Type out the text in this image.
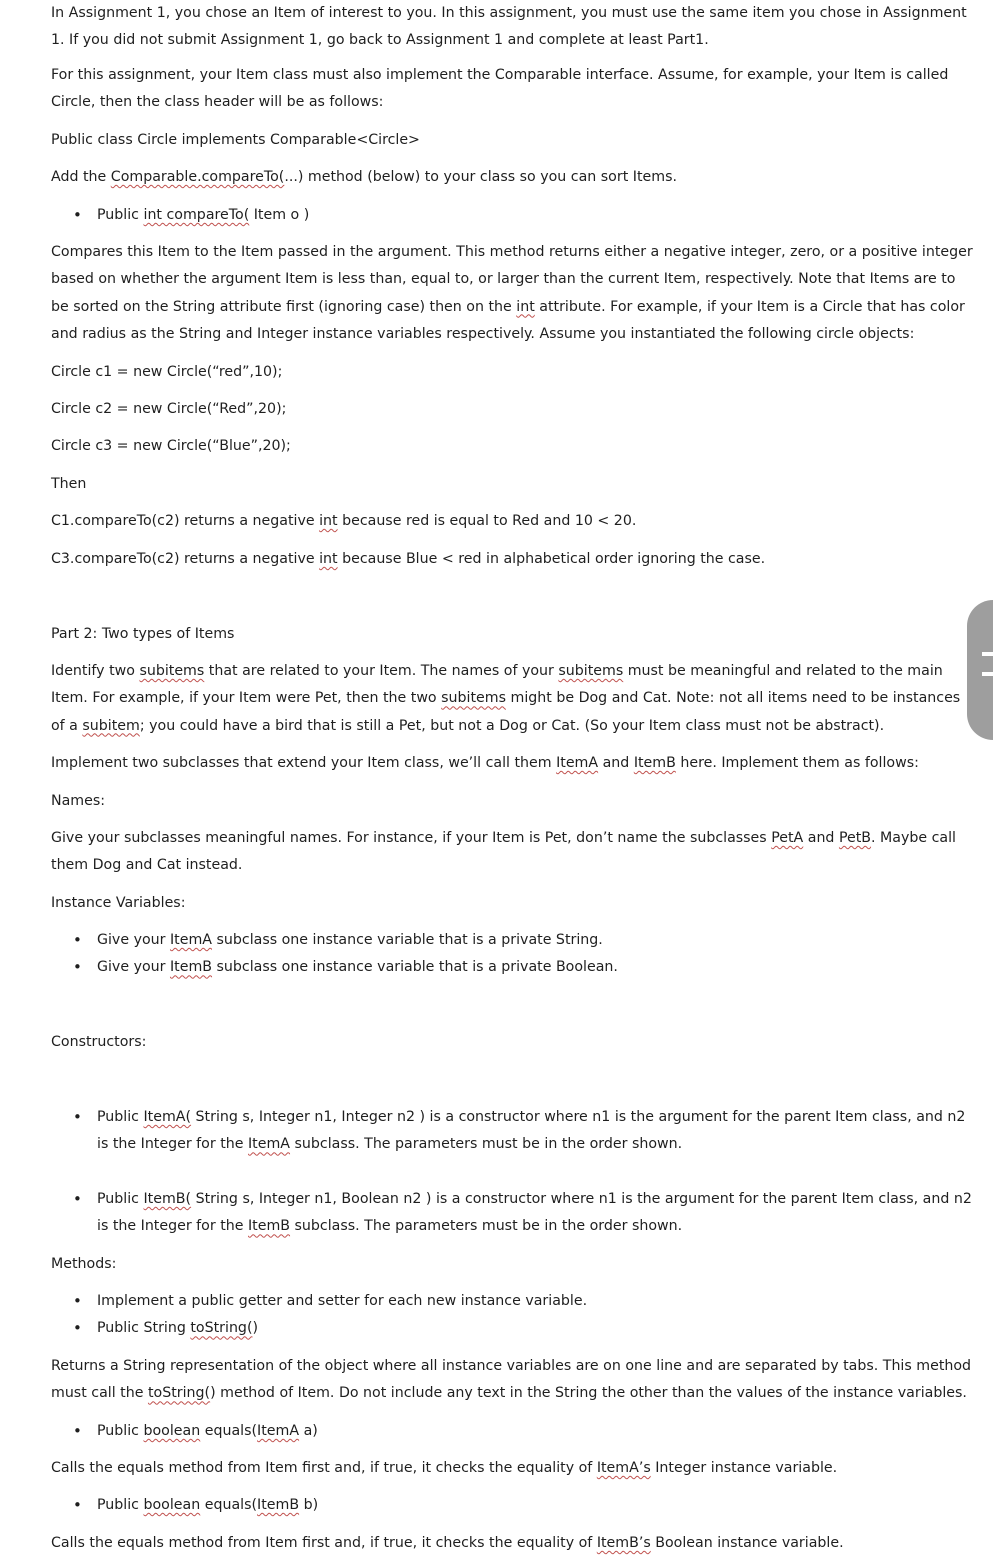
In Assignment 1, you chose an Item of interest to you. In this assignment, you must use the same item you chose in Assignment 1. If you did not submit Assignment 1, go back to Assignment 1 and complete at least Part1.

For this assignment, your Item class must also implement the Comparable interface. Assume, for example, your Item is called Circle, then the class header will be as follows:

Public class Circle implements Comparable<Circle>

Add the Comparable.compareTo(...) method (below) to your class so you can sort Items.

• Public int compareTo( Item o )

Compares this Item to the Item passed in the argument. This method returns either a negative integer, zero, or a positive integer based on whether the argument Item is less than, equal to, or larger than the current Item, respectively. Note that Items are to be sorted on the String attribute first (ignoring case) then on the int attribute. For example, if your Item is a Circle that has color and radius as the String and Integer instance variables respectively. Assume you instantiated the following circle objects:

Circle c1 = new Circle(“red”,10);

Circle c2 = new Circle(“Red”,20);

Circle c3 = new Circle(“Blue”,20);

Then

C1.compareTo(c2) returns a negative int because red is equal to Red and 10 < 20.

C3.compareTo(c2) returns a negative int because Blue < red in alphabetical order ignoring the case.

Part 2: Two types of Items

Identify two subitems that are related to your Item. The names of your subitems must be meaningful and related to the main Item. For example, if your Item were Pet, then the two subitems might be Dog and Cat. Note: not all items need to be instances of a subitem; you could have a bird that is still a Pet, but not a Dog or Cat. (So your Item class must not be abstract).

Implement two subclasses that extend your Item class, we’ll call them ItemA and ItemB here. Implement them as follows:

Names:

Give your subclasses meaningful names. For instance, if your Item is Pet, don’t name the subclasses PetA and PetB. Maybe call them Dog and Cat instead.

Instance Variables:

• Give your ItemA subclass one instance variable that is a private String.
• Give your ItemB subclass one instance variable that is a private Boolean.

Constructors:

• Public ItemA( String s, Integer n1, Integer n2 ) is a constructor where n1 is the argument for the parent Item class, and n2 is the Integer for the ItemA subclass. The parameters must be in the order shown.
• Public ItemB( String s, Integer n1, Boolean n2 ) is a constructor where n1 is the argument for the parent Item class, and n2 is the Integer for the ItemB subclass. The parameters must be in the order shown.

Methods:

• Implement a public getter and setter for each new instance variable.
• Public String toString()

Returns a String representation of the object where all instance variables are on one line and are separated by tabs. This method must call the toString() method of Item. Do not include any text in the String the other than the values of the instance variables.

• Public boolean equals(ItemA a)

Calls the equals method from Item first and, if true, it checks the equality of ItemA’s Integer instance variable.

• Public boolean equals(ItemB b)

Calls the equals method from Item first and, if true, it checks the equality of ItemB’s Boolean instance variable.
